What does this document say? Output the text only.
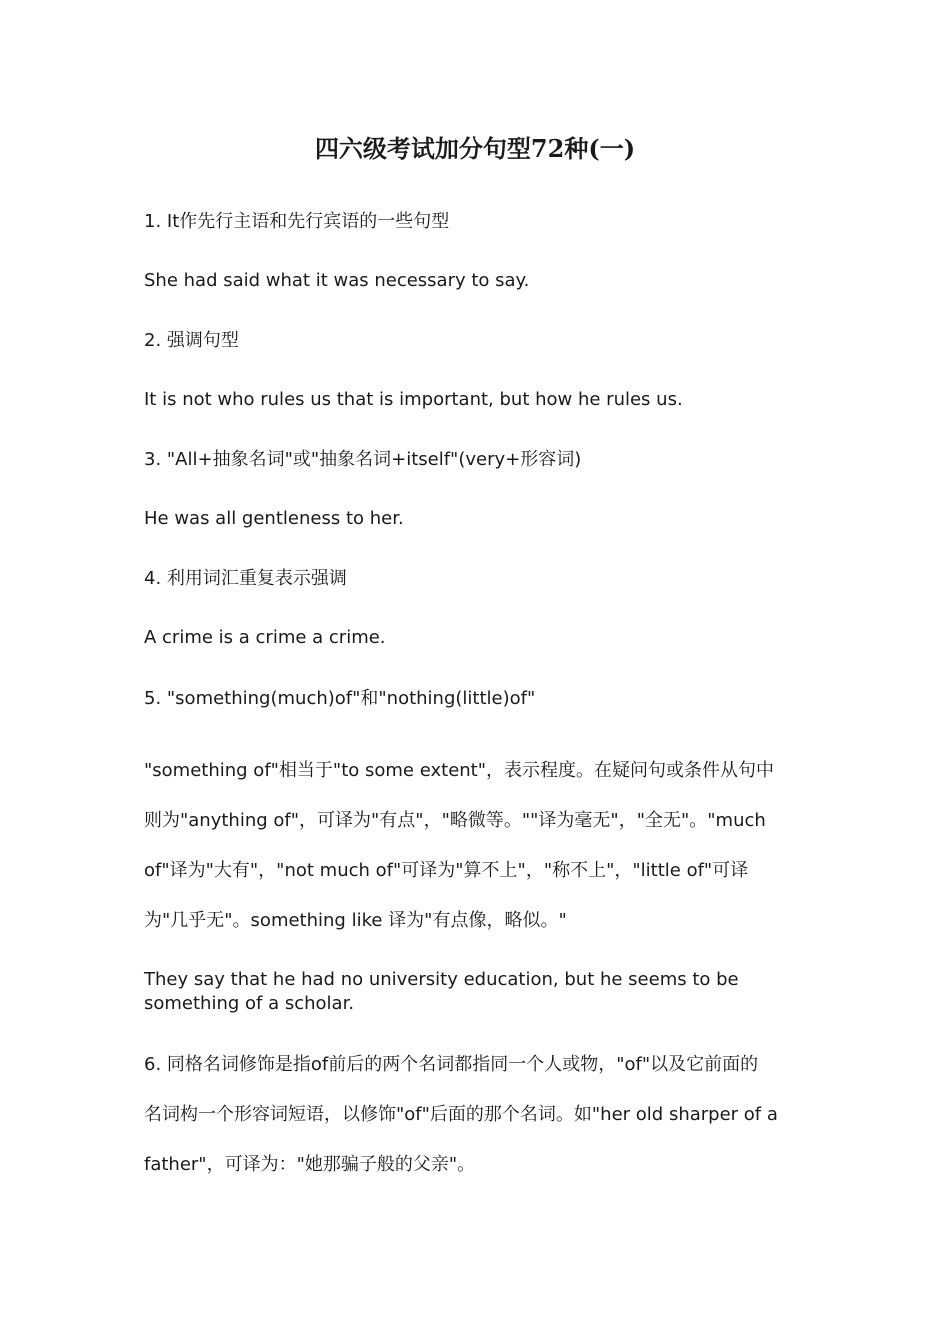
四六级考试加分句型72种(一)

1. It作先行主语和先行宾语的一些句型

She had said what it was necessary to say.

2. 强调句型

It is not who rules us that is important, but how he rules us.

3. "All+抽象名词"或"抽象名词+itself"(very+形容词)

He was all gentleness to her.

4. 利用词汇重复表示强调

A crime is a crime a crime.

5. "something(much)of"和"nothing(little)of"

"something of"相当于"to some extent"，表示程度。在疑问句或条件从句中

则为"anything of"，可译为"有点"，"略微等。""译为毫无"，"全无"。"much

of"译为"大有"，"not much of"可译为"算不上"，"称不上"，"little of"可译

为"几乎无"。something like 译为"有点像，略似。"

They say that he had no university education, but he seems to be

something of a scholar.

6. 同格名词修饰是指of前后的两个名词都指同一个人或物，"of"以及它前面的

名词构一个形容词短语，以修饰"of"后面的那个名词。如"her old sharper of a

father"，可译为："她那骗子般的父亲"。
